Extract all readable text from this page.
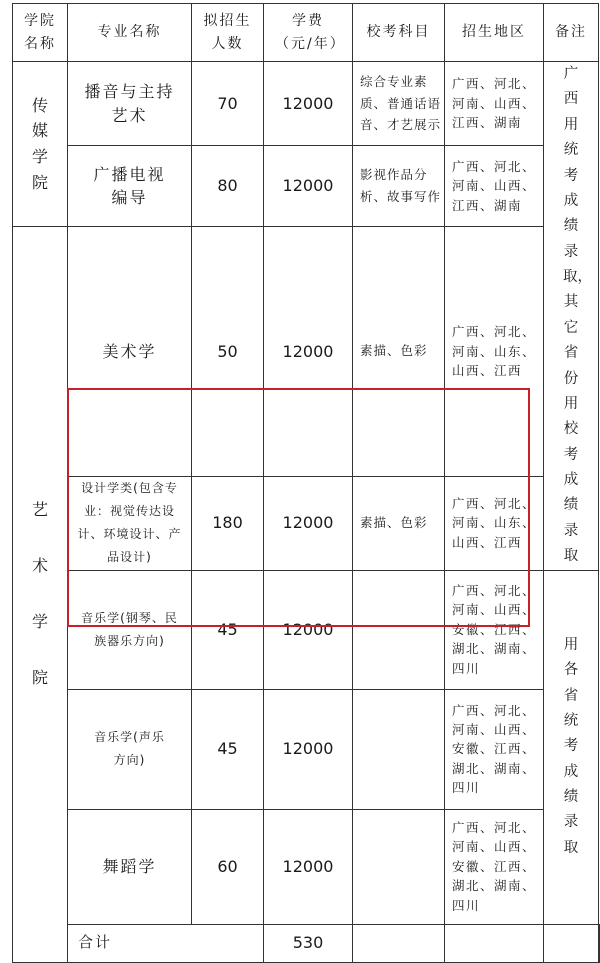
学院名称	专业名称	拟招生人数	学费（元/年）	校考科目	招生地区	备注	
传媒学院	播音与主持艺术	70	12000	综合专业素质、普通话语音、才艺展示	广西、河北、河南、山西、江西、湖南	广西用统考成绩录取，其它省份用校考成绩录取	
	广播电视编导	80	12000	影视作品分析、故事写作	广西、河北、河南、山西、江西、湖南		
艺术学院	美术学	50	12000	素描、色彩	广西、河北、河南、山东、山西、江西		
	设计学类(包含专业：视觉传达设计、环境设计、产品设计)	180	12000	素描、色彩	广西、河北、河南、山东、山西、江西		
	音乐学(钢琴、民族器乐方向)	45	12000		广西、河北、河南、山西、安徽、江西、湖北、湖南、四川	用各省统考成绩录取	
	音乐学(声乐方向)	45	12000		广西、河北、河南、山西、安徽、江西、湖北、湖南、四川		
	舞蹈学	60	12000		广西、河北、河南、山西、安徽、江西、湖北、湖南、四川		
	合计		530				
